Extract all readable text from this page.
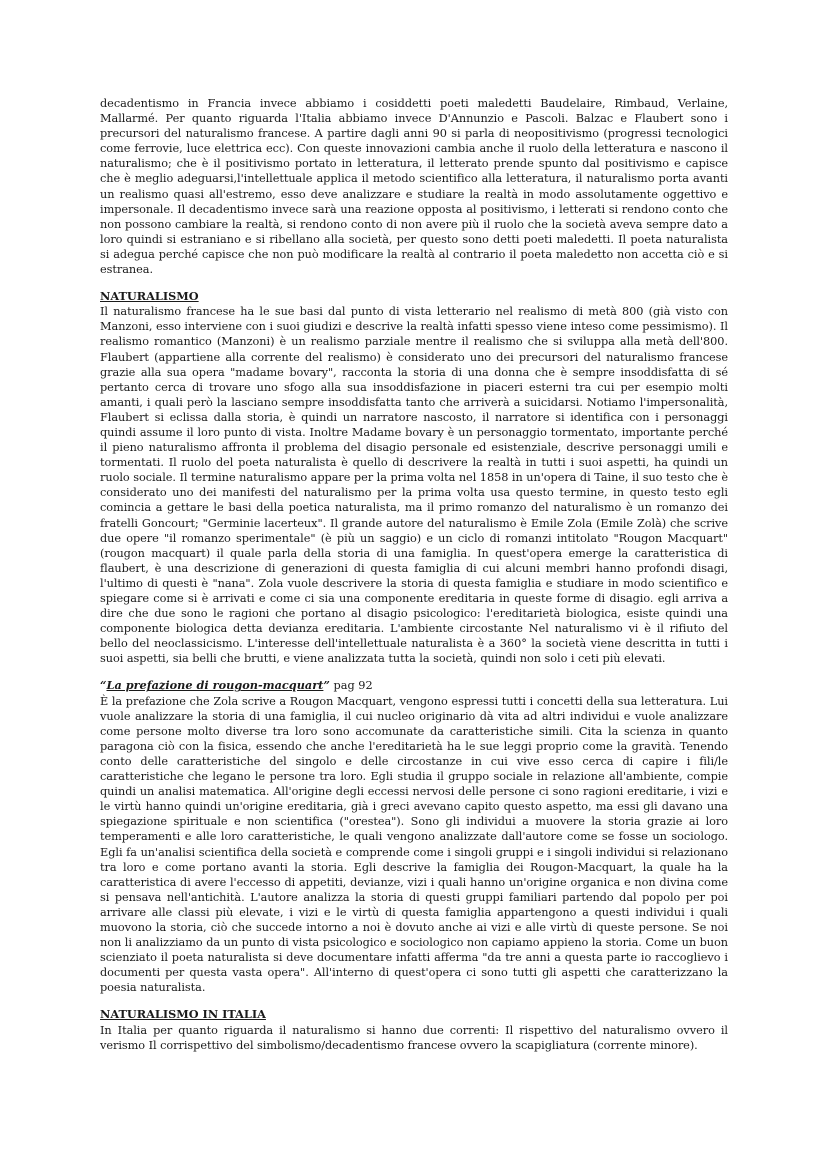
decadentismo in Francia invece abbiamo i cosiddetti poeti maledetti Baudelaire, Rimbaud, Verlaine, Mallarmé. Per quanto riguarda l'Italia abbiamo invece D'Annunzio e Pascoli. Balzac e Flaubert sono i precursori del naturalismo francese. A partire dagli anni 90 si parla di neopositivismo (progressi tecnologici come ferrovie, luce elettrica ecc). Con queste innovazioni cambia anche il ruolo della letteratura e nascono il naturalismo; che è il positivismo portato in letteratura, il letterato prende spunto dal positivismo e capisce che è meglio adeguarsi,l'intellettuale applica il metodo scientifico alla letteratura, il naturalismo porta avanti un realismo quasi all'estremo, esso deve analizzare e studiare la realtà in modo assolutamente oggettivo e impersonale. Il decadentismo invece sarà una reazione opposta al positivismo, i letterati si rendono conto che non possono cambiare la realtà, si rendono conto di non avere più il ruolo che la società aveva sempre dato a loro quindi si estraniano e si ribellano alla società, per questo sono detti poeti maledetti. Il poeta naturalista si adegua perché capisce che non può modificare la realtà al contrario il poeta maledetto non accetta ciò e si estranea.

NATURALISMO

Il naturalismo francese ha le sue basi dal punto di vista letterario nel realismo di metà 800 (già visto con Manzoni, esso interviene con i suoi giudizi e descrive la realtà infatti spesso viene inteso come pessimismo). Il realismo romantico (Manzoni) è un realismo parziale mentre il realismo che si sviluppa alla metà dell'800. Flaubert (appartiene alla corrente del realismo) è considerato uno dei precursori del naturalismo francese grazie alla sua opera "madame bovary", racconta la storia di una donna che è sempre insoddisfatta di sé pertanto cerca di trovare uno sfogo alla sua insoddisfazione in piaceri esterni tra cui per esempio molti amanti, i quali però la lasciano sempre insoddisfatta tanto che arriverà a suicidarsi. Notiamo l'impersonalità, Flaubert si eclissa dalla storia, è quindi un narratore nascosto, il narratore si identifica con i personaggi quindi assume il loro punto di vista. Inoltre Madame bovary è un personaggio tormentato, importante perché il pieno naturalismo affronta il problema del disagio personale ed esistenziale, descrive personaggi umili e tormentati. Il ruolo del poeta naturalista è quello di descrivere la realtà in tutti i suoi aspetti, ha quindi un ruolo sociale. Il termine naturalismo appare per la prima volta nel 1858 in un'opera di Taine, il suo testo che è considerato uno dei manifesti del naturalismo per la prima volta usa questo termine, in questo testo egli comincia a gettare le basi della poetica naturalista, ma il primo romanzo del naturalismo è un romanzo dei fratelli Goncourt; "Germinie lacerteux". Il grande autore del naturalismo è Emile Zola (Emile Zolà) che scrive due opere "il romanzo sperimentale" (è più un saggio) e un ciclo di romanzi intitolato "Rougon Macquart" (rougon macquart) il quale parla della storia di una famiglia. In quest'opera emerge la caratteristica di flaubert, è una descrizione di generazioni di questa famiglia di cui alcuni membri hanno profondi disagi, l'ultimo di questi è "nana". Zola vuole descrivere la storia di questa famiglia e studiare in modo scientifico e spiegare come si è arrivati e come ci sia una componente ereditaria in queste forme di disagio. egli arriva a dire che due sono le ragioni che portano al disagio psicologico: l'ereditarietà biologica, esiste quindi una componente biologica detta devianza ereditaria. L'ambiente circostante Nel naturalismo vi è il rifiuto del bello del neoclassicismo. L'interesse dell'intellettuale naturalista è a 360° la società viene descritta in tutti i suoi aspetti, sia belli che brutti, e viene analizzata tutta la società, quindi non solo i ceti più elevati.

“La prefazione di rougon-macquart” pag 92

È la prefazione che Zola scrive a Rougon Macquart, vengono espressi tutti i concetti della sua letteratura. Lui vuole analizzare la storia di una famiglia, il cui nucleo originario dà vita ad altri individui e vuole analizzare come persone molto diverse tra loro sono accomunate da caratteristiche simili. Cita la scienza in quanto paragona ciò con la fisica, essendo che anche l'ereditarietà ha le sue leggi proprio come la gravità. Tenendo conto delle caratteristiche del singolo e delle circostanze in cui vive esso cerca di capire i fili/le caratteristiche che legano le persone tra loro. Egli studia il gruppo sociale in relazione all'ambiente, compie quindi un analisi matematica. All'origine degli eccessi nervosi delle persone ci sono ragioni ereditarie, i vizi e le virtù hanno quindi un'origine ereditaria, già i greci avevano capito questo aspetto, ma essi gli davano una spiegazione spirituale e non scientifica ("orestea"). Sono gli individui a muovere la storia grazie ai loro temperamenti e alle loro caratteristiche, le quali vengono analizzate dall'autore come se fosse un sociologo. Egli fa un'analisi scientifica della società e comprende come i singoli gruppi e i singoli individui si relazionano tra loro e come portano avanti la storia. Egli descrive la famiglia dei Rougon-Macquart, la quale ha la caratteristica di avere l'eccesso di appetiti, devianze, vizi i quali hanno un'origine organica e non divina come si pensava nell'antichità. L'autore analizza la storia di questi gruppi familiari partendo dal popolo per poi arrivare alle classi più elevate, i vizi e le virtù di questa famiglia appartengono a questi individui i quali muovono la storia, ciò che succede intorno a noi è dovuto anche ai vizi e alle virtù di queste persone. Se noi non li analizziamo da un punto di vista psicologico e sociologico non capiamo appieno la storia. Come un buon scienziato il poeta naturalista si deve documentare infatti afferma "da tre anni a questa parte io raccoglievo i documenti per questa vasta opera". All'interno di quest'opera ci sono tutti gli aspetti che caratterizzano la poesia naturalista.

NATURALISMO IN ITALIA

In Italia per quanto riguarda il naturalismo si hanno due correnti: Il rispettivo del naturalismo ovvero il verismo Il corrispettivo del simbolismo/decadentismo francese ovvero la scapigliatura (corrente minore).
